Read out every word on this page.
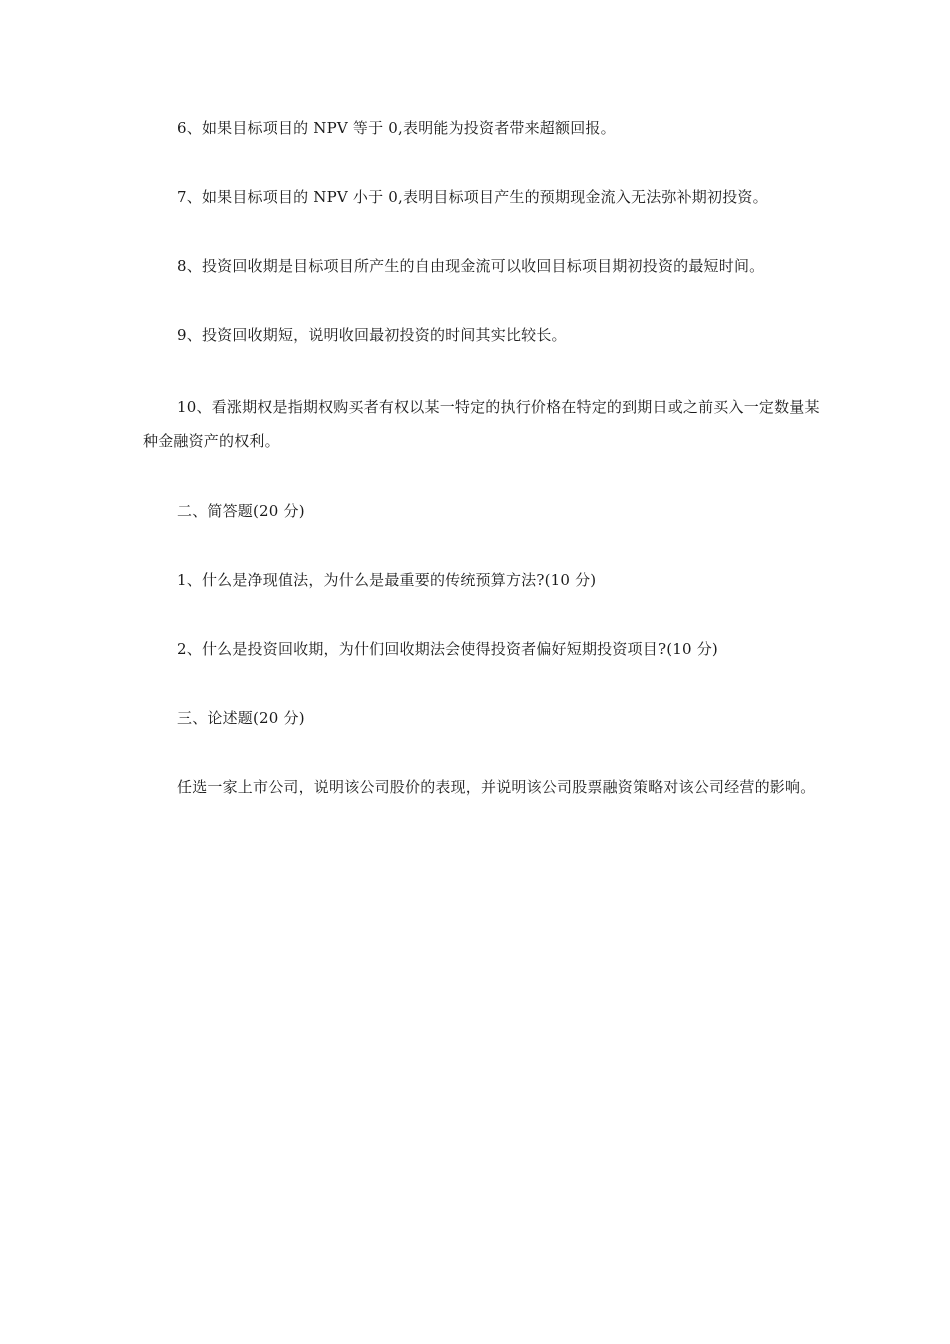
6、如果目标项目的 NPV 等于 0,表明能为投资者带来超额回报。
7、如果目标项目的 NPV 小于 0,表明目标项目产生的预期现金流入无法弥补期初投资。
8、投资回收期是目标项目所产生的自由现金流可以收回目标项目期初投资的最短时间。
9、投资回收期短，说明收回最初投资的时间其实比较长。
10、看涨期权是指期权购买者有权以某一特定的执行价格在特定的到期日或之前买入一定数量某种金融资产的权利。
二、简答题(20 分)
1、什么是净现值法，为什么是最重要的传统预算方法?(10 分)
2、什么是投资回收期，为什们回收期法会使得投资者偏好短期投资项目?(10 分)
三、论述题(20 分)
任选一家上市公司，说明该公司股价的表现，并说明该公司股票融资策略对该公司经营的影响。
